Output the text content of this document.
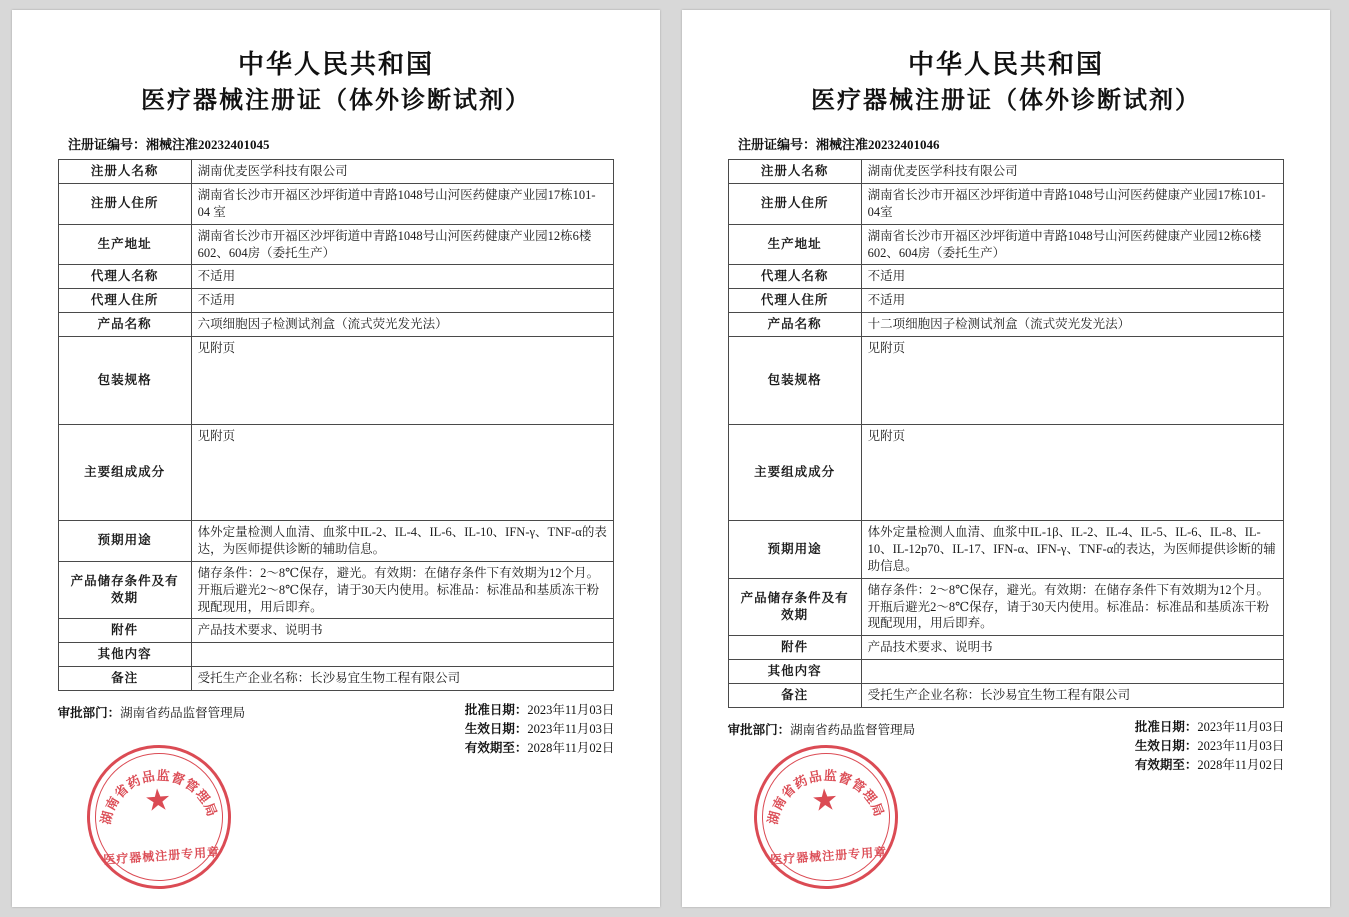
中华人民共和国
医疗器械注册证（体外诊断试剂）
注册证编号：湘械注准20232401045
注册人名称	湖南优麦医学科技有限公司
注册人住所	湖南省长沙市开福区沙坪街道中青路1048号山河医药健康产业园17栋101-04 室
生产地址	湖南省长沙市开福区沙坪街道中青路1048号山河医药健康产业园12栋6楼602、604房（委托生产）
代理人名称	不适用
代理人住所	不适用
产品名称	六项细胞因子检测试剂盒（流式荧光发光法）
包装规格	见附页
主要组成成分	见附页
预期用途	体外定量检测人血清、血浆中IL-2、IL-4、IL-6、IL-10、IFN-γ、TNF-α的表达，为医师提供诊断的辅助信息。
产品储存条件及有效期	储存条件：2～8℃保存，避光。有效期：在储存条件下有效期为12个月。开瓶后避光2～8℃保存，请于30天内使用。标准品：标准品和基质冻干粉现配现用，用后即弃。
附件	产品技术要求、说明书
其他内容	
备注	受托生产企业名称：长沙易宜生物工程有限公司
审批部门：湖南省药品监督管理局	批准日期：2023年11月03日
生效日期：2023年11月03日
有效期至：2028年11月02日
湖南省药品监督管理局
★
医疗器械注册专用章
中华人民共和国
医疗器械注册证（体外诊断试剂）
注册证编号：湘械注准20232401046
注册人名称	湖南优麦医学科技有限公司
注册人住所	湖南省长沙市开福区沙坪街道中青路1048号山河医药健康产业园17栋101-04室
生产地址	湖南省长沙市开福区沙坪街道中青路1048号山河医药健康产业园12栋6楼602、604房（委托生产）
代理人名称	不适用
代理人住所	不适用
产品名称	十二项细胞因子检测试剂盒（流式荧光发光法）
包装规格	见附页
主要组成成分	见附页
预期用途	体外定量检测人血清、血浆中IL-1β、IL-2、IL-4、IL-5、IL-6、IL-8、IL-10、IL-12p70、IL-17、IFN-α、IFN-γ、TNF-α的表达，为医师提供诊断的辅助信息。
产品储存条件及有效期	储存条件：2～8℃保存，避光。有效期：在储存条件下有效期为12个月。开瓶后避光2～8℃保存，请于30天内使用。标准品：标准品和基质冻干粉现配现用，用后即弃。
附件	产品技术要求、说明书
其他内容	
备注	受托生产企业名称：长沙易宜生物工程有限公司
审批部门：湖南省药品监督管理局	批准日期：2023年11月03日
生效日期：2023年11月03日
有效期至：2028年11月02日
湖南省药品监督管理局
★
医疗器械注册专用章
